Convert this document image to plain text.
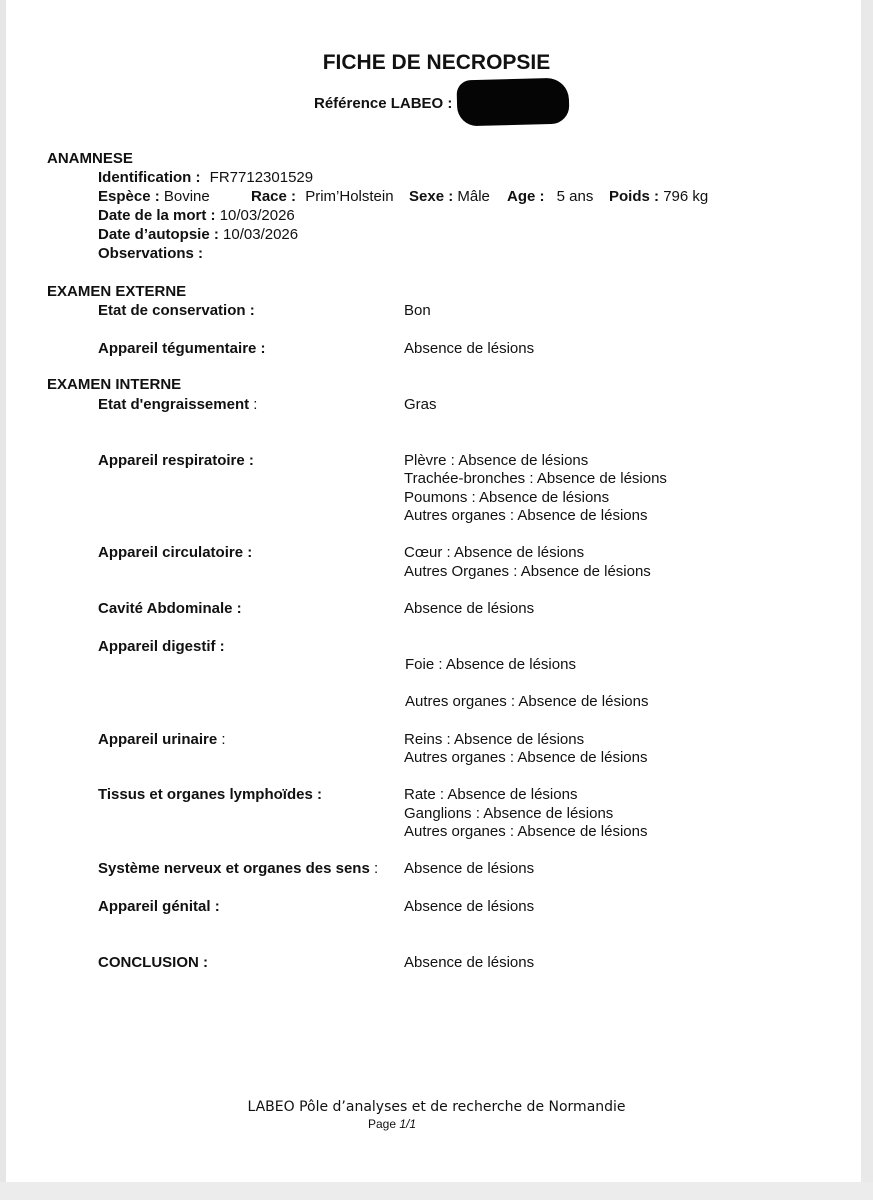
FICHE DE NECROPSIE
Référence LABEO :
ANAMNESE
Identification : FR7712301529
Espèce : Bovine	Race : Prim’Holstein Sexe : Mâle Age : 5 ans Poids : 796 kg
Date de la mort : 10/03/2026
Date d’autopsie : 10/03/2026
Observations :
EXAMEN EXTERNE
Etat de conservation :	Bon
Appareil tégumentaire :	Absence de lésions
EXAMEN INTERNE
Etat d'engraissement :	Gras
Appareil respiratoire :	Plèvre : Absence de lésions
Trachée-bronches : Absence de lésions
Poumons : Absence de lésions
Autres organes : Absence de lésions
Appareil circulatoire :	Cœur : Absence de lésions
Autres Organes : Absence de lésions
Cavité Abdominale :	Absence de lésions
Appareil digestif :
Foie : Absence de lésions
Autres organes : Absence de lésions
Appareil urinaire :	Reins : Absence de lésions
Autres organes : Absence de lésions
Tissus et organes lymphoïdes :	Rate : Absence de lésions
Ganglions : Absence de lésions
Autres organes : Absence de lésions
Système nerveux et organes des sens : Absence de lésions
Appareil génital :	Absence de lésions
CONCLUSION :	Absence de lésions
LABEO Pôle d’analyses et de recherche de Normandie
Page 1/1
